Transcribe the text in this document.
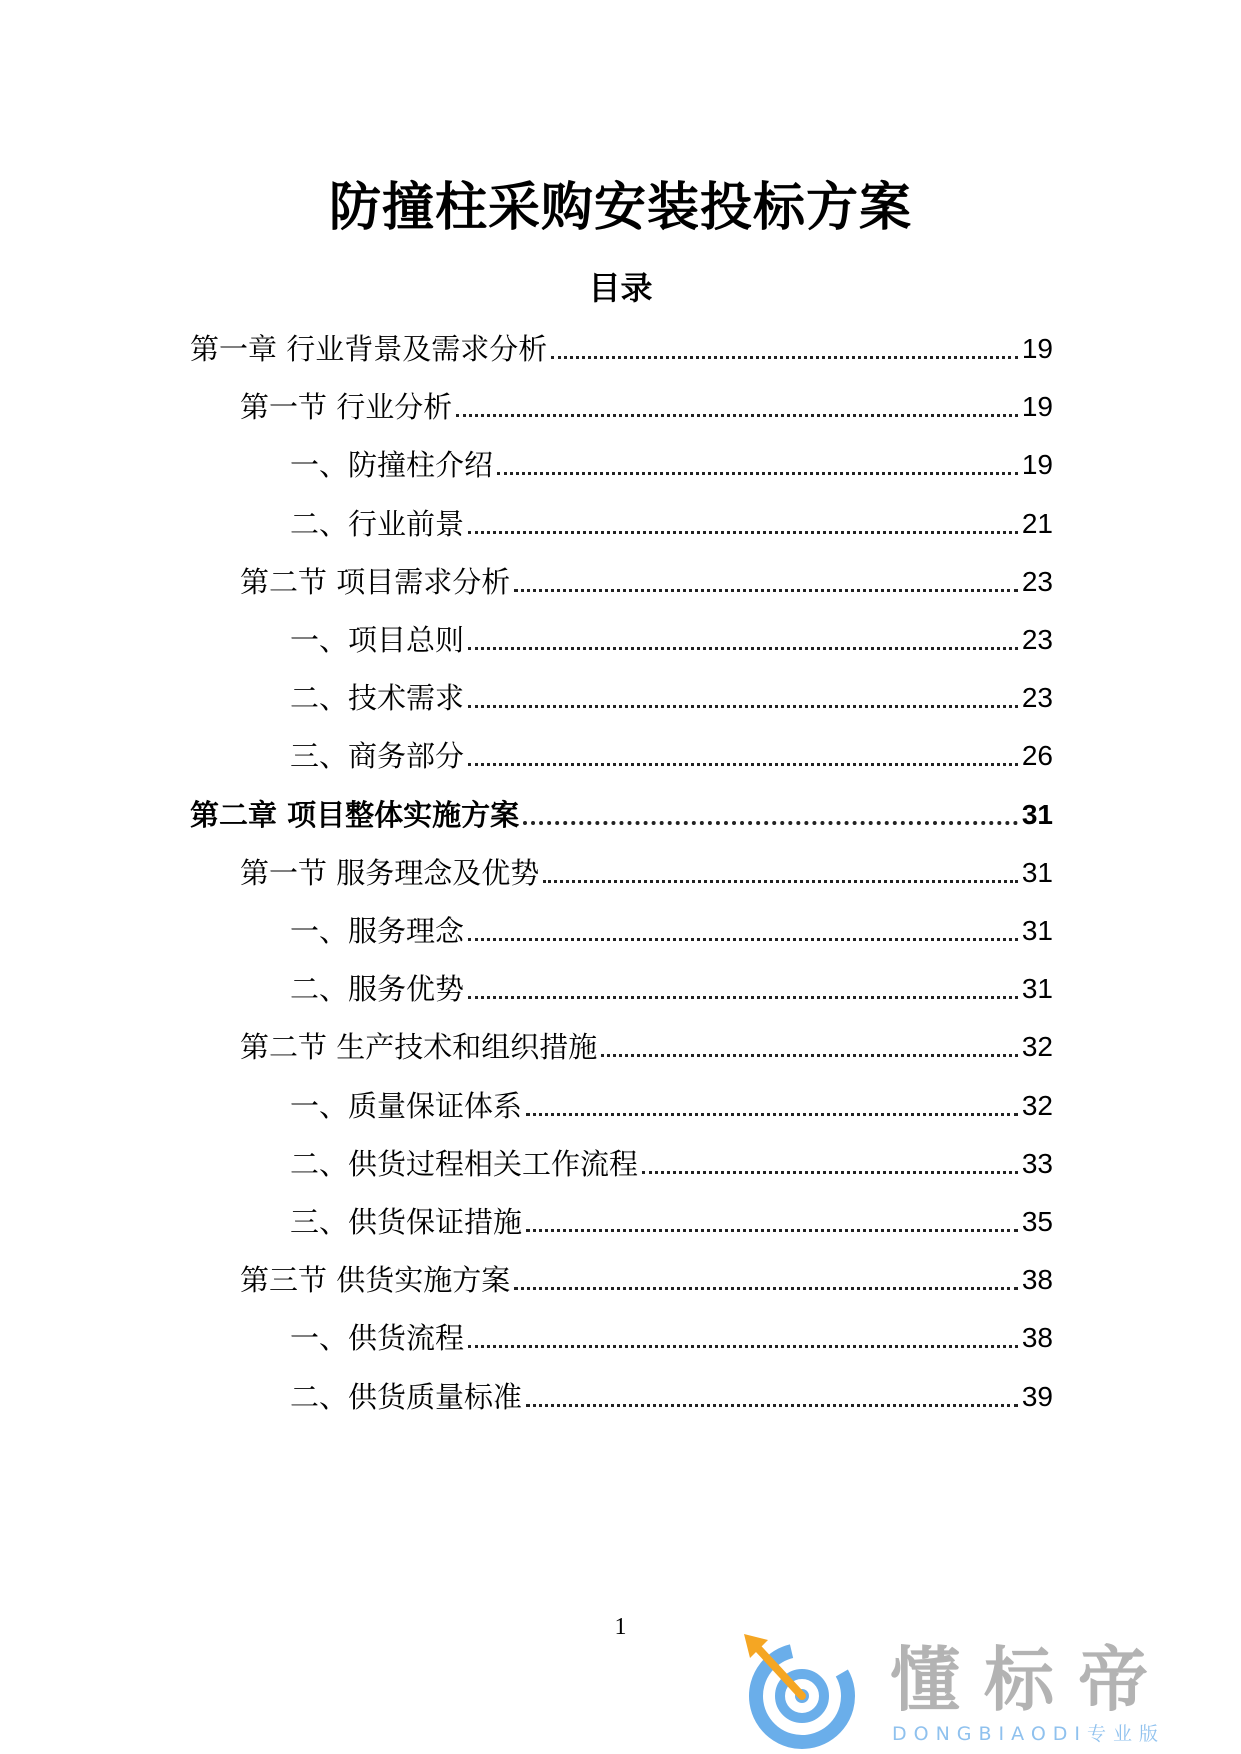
防撞柱采购安装投标方案
目录
第一章 行业背景及需求分析	19
第一节 行业分析	19
一、防撞柱介绍	19
二、行业前景	21
第二节 项目需求分析	23
一、项目总则	23
二、技术需求	23
三、商务部分	26
第二章 项目整体实施方案	31
第一节 服务理念及优势	31
一、服务理念	31
二、服务优势	31
第二节 生产技术和组织措施	32
一、质量保证体系	32
二、供货过程相关工作流程	33
三、供货保证措施	35
第三节 供货实施方案	38
一、供货流程	38
二、供货质量标准	39
1
懂标帝
DONGBIAODI专业版
